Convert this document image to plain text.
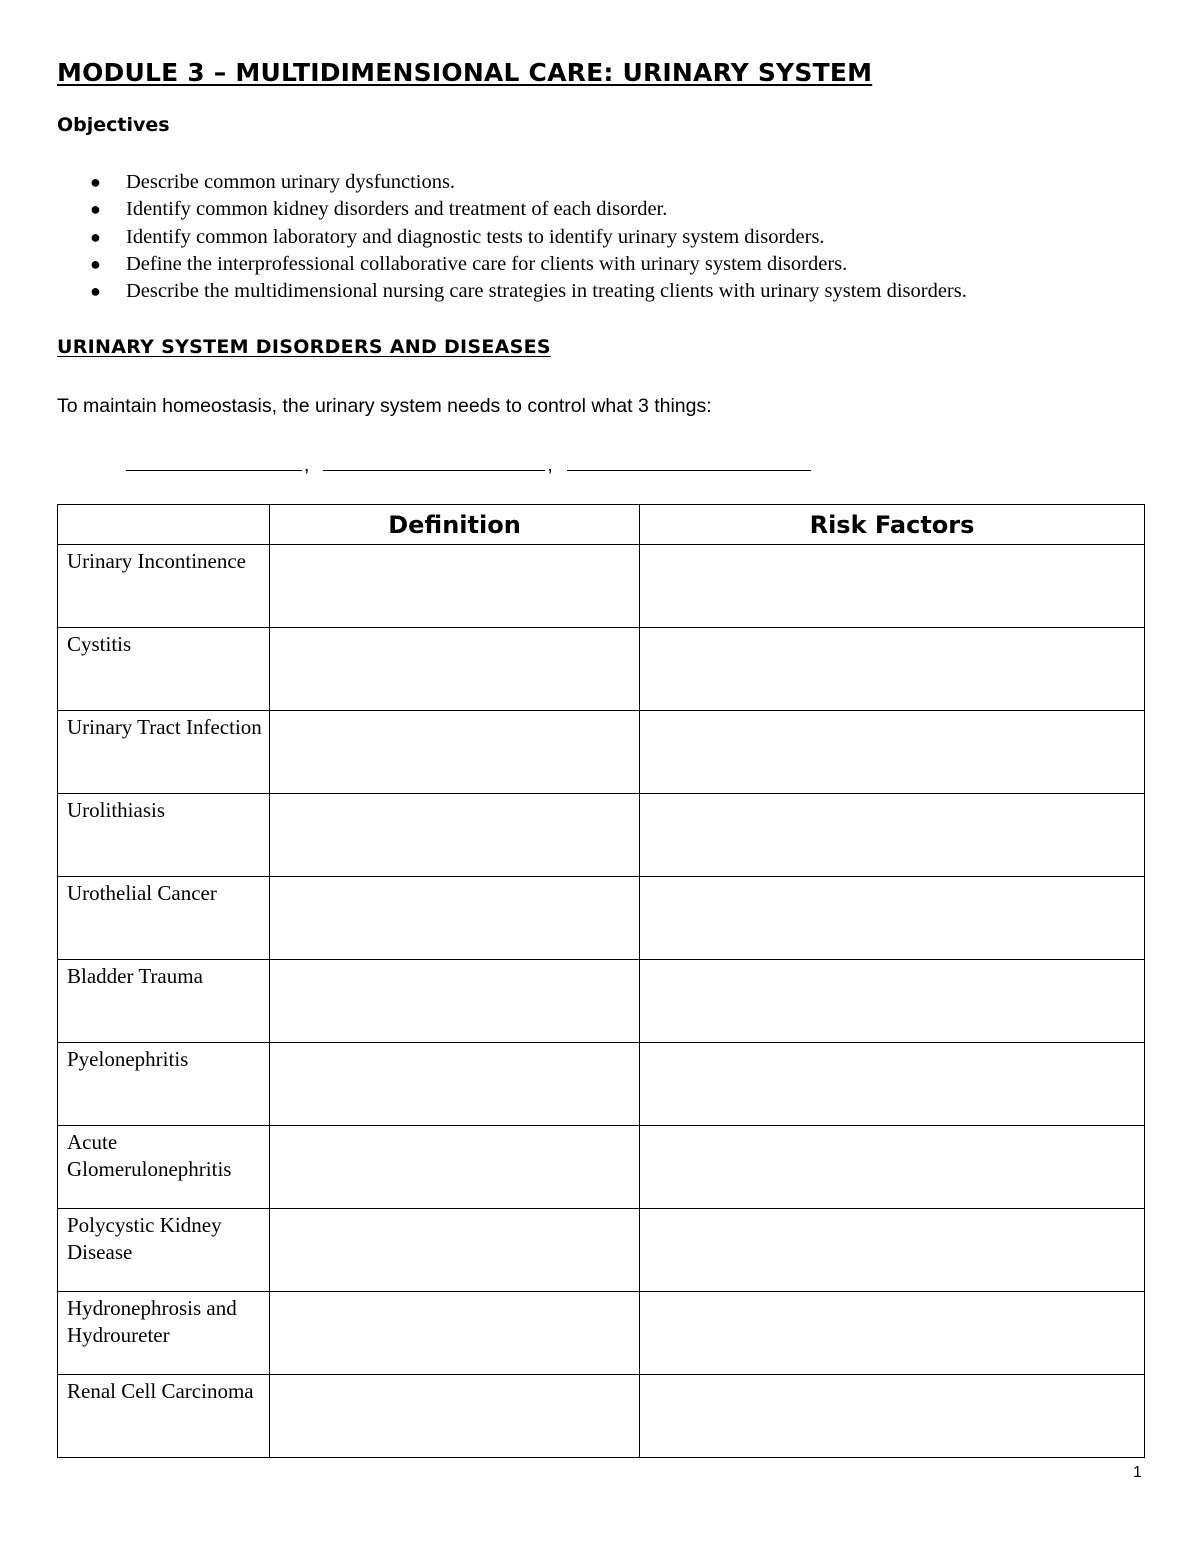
MODULE 3 – MULTIDIMENSIONAL CARE: URINARY SYSTEM
Objectives
● Describe common urinary dysfunctions.
● Identify common kidney disorders and treatment of each disorder.
● Identify common laboratory and diagnostic tests to identify urinary system disorders.
● Define the interprofessional collaborative care for clients with urinary system disorders.
● Describe the multidimensional nursing care strategies in treating clients with urinary system disorders.
URINARY SYSTEM DISORDERS AND DISEASES
To maintain homeostasis, the urinary system needs to control what 3 things:
,	,
	Definition	Risk Factors
Urinary Incontinence		
Cystitis		
Urinary Tract Infection		
Urolithiasis		
Urothelial Cancer		
Bladder Trauma		
Pyelonephritis		
Acute Glomerulonephritis		
Polycystic Kidney Disease		
Hydronephrosis and Hydroureter		
Renal Cell Carcinoma		
1
